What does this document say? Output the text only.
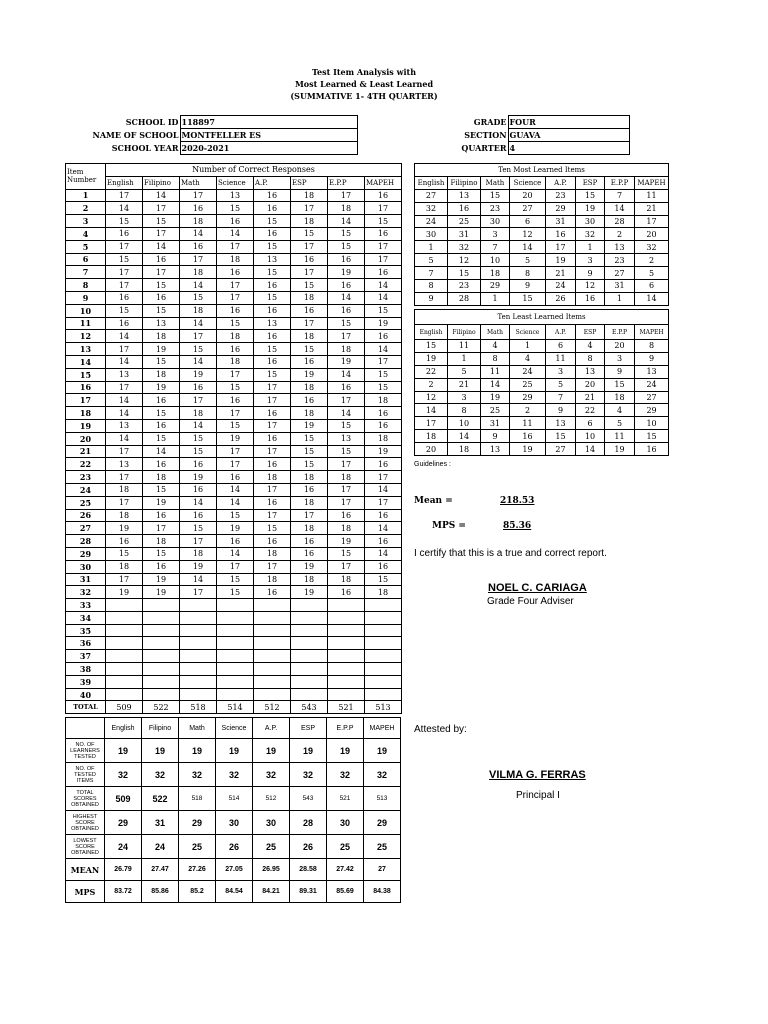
Test Item Analysis with
Most Learned & Least Learned
(SUMMATIVE 1- 4TH QUARTER)
SCHOOL ID	118897
NAME OF SCHOOL	MONTFELLER ES
SCHOOL YEAR	2020-2021
GRADE	FOUR
SECTION	GUAVA
QUARTER	4
Item Number	Number of Correct Responses							
	English	Filipino	Math	Science	A.P.	ESP	E.P.P	MAPEH
1	17	14	17	13	16	18	17	16
2	14	17	16	15	16	17	18	17
3	15	15	18	16	15	18	14	15
4	16	17	14	14	16	15	15	16
5	17	14	16	17	15	17	15	17
6	15	16	17	18	13	16	16	17
7	17	17	18	16	15	17	19	16
8	17	15	14	17	16	15	16	14
9	16	16	15	17	15	18	14	14
10	15	15	18	16	16	16	16	15
11	16	13	14	15	13	17	15	19
12	14	18	17	18	16	18	17	16
13	17	19	15	16	15	15	18	14
14	14	15	14	18	16	16	19	17
15	13	18	19	17	15	19	14	15
16	17	19	16	15	17	18	16	15
17	14	16	17	16	17	16	17	18
18	14	15	18	17	16	18	14	16
19	13	16	14	15	17	19	15	16
20	14	15	15	19	16	15	13	18
21	17	14	15	17	17	15	15	19
22	13	16	16	17	16	15	17	16
23	17	18	19	16	18	18	18	17
24	18	15	16	14	17	16	17	14
25	17	19	14	14	16	18	17	17
26	18	16	16	15	17	17	16	16
27	19	17	15	19	15	18	18	14
28	16	18	17	16	16	16	19	16
29	15	15	18	14	18	16	15	14
30	18	16	19	17	17	19	17	16
31	17	19	14	15	18	18	18	15
32	19	19	17	15	16	19	16	18
33								
34								
35								
36								
37								
38								
39								
40								
TOTAL	509	522	518	514	512	543	521	513
Ten Most Learned Items							
English	Filipino	Math	Science	A.P.	ESP	E.P.P	MAPEH
27	13	15	20	23	15	7	11
32	16	23	27	29	19	14	21
24	25	30	6	31	30	28	17
30	31	3	12	16	32	2	20
1	32	7	14	17	1	13	32
5	12	10	5	19	3	23	2
7	15	18	8	21	9	27	5
8	23	29	9	24	12	31	6
9	28	1	15	26	16	1	14
Ten Least Learned Items							
English	Filipino	Math	Science	A.P.	ESP	E.P.P	MAPEH
15	11	4	1	6	4	20	8
19	1	8	4	11	8	3	9
22	5	11	24	3	13	9	13
2	21	14	25	5	20	15	24
12	3	19	29	7	21	18	27
14	8	25	2	9	22	4	29
17	10	31	11	13	6	5	10
18	14	9	16	15	10	11	15
20	18	13	19	27	14	19	16
Guidelines :
Mean =	218.53
MPS =	85.36
I certify that this is a true and correct report.
NOEL C. CARIAGA
Grade Four Adviser
Attested by:
VILMA G. FERRAS
Principal I
	English	Filipino	Math	Science	A.P.	ESP	E.P.P	MAPEH
NO. OF LEARNERS TESTED	19	19	19	19	19	19	19	19
NO. OF TESTED ITEMS	32	32	32	32	32	32	32	32
TOTAL SCORES OBTAINED	509	522	518	514	512	543	521	513
HIGHEST SCORE OBTAINED	29	31	29	30	30	28	30	29
LOWEST SCORE OBTAINED	24	24	25	26	25	26	25	25
MEAN	26.79	27.47	27.26	27.05	26.95	28.58	27.42	27
MPS	83.72	85.86	85.2	84.54	84.21	89.31	85.69	84.38
